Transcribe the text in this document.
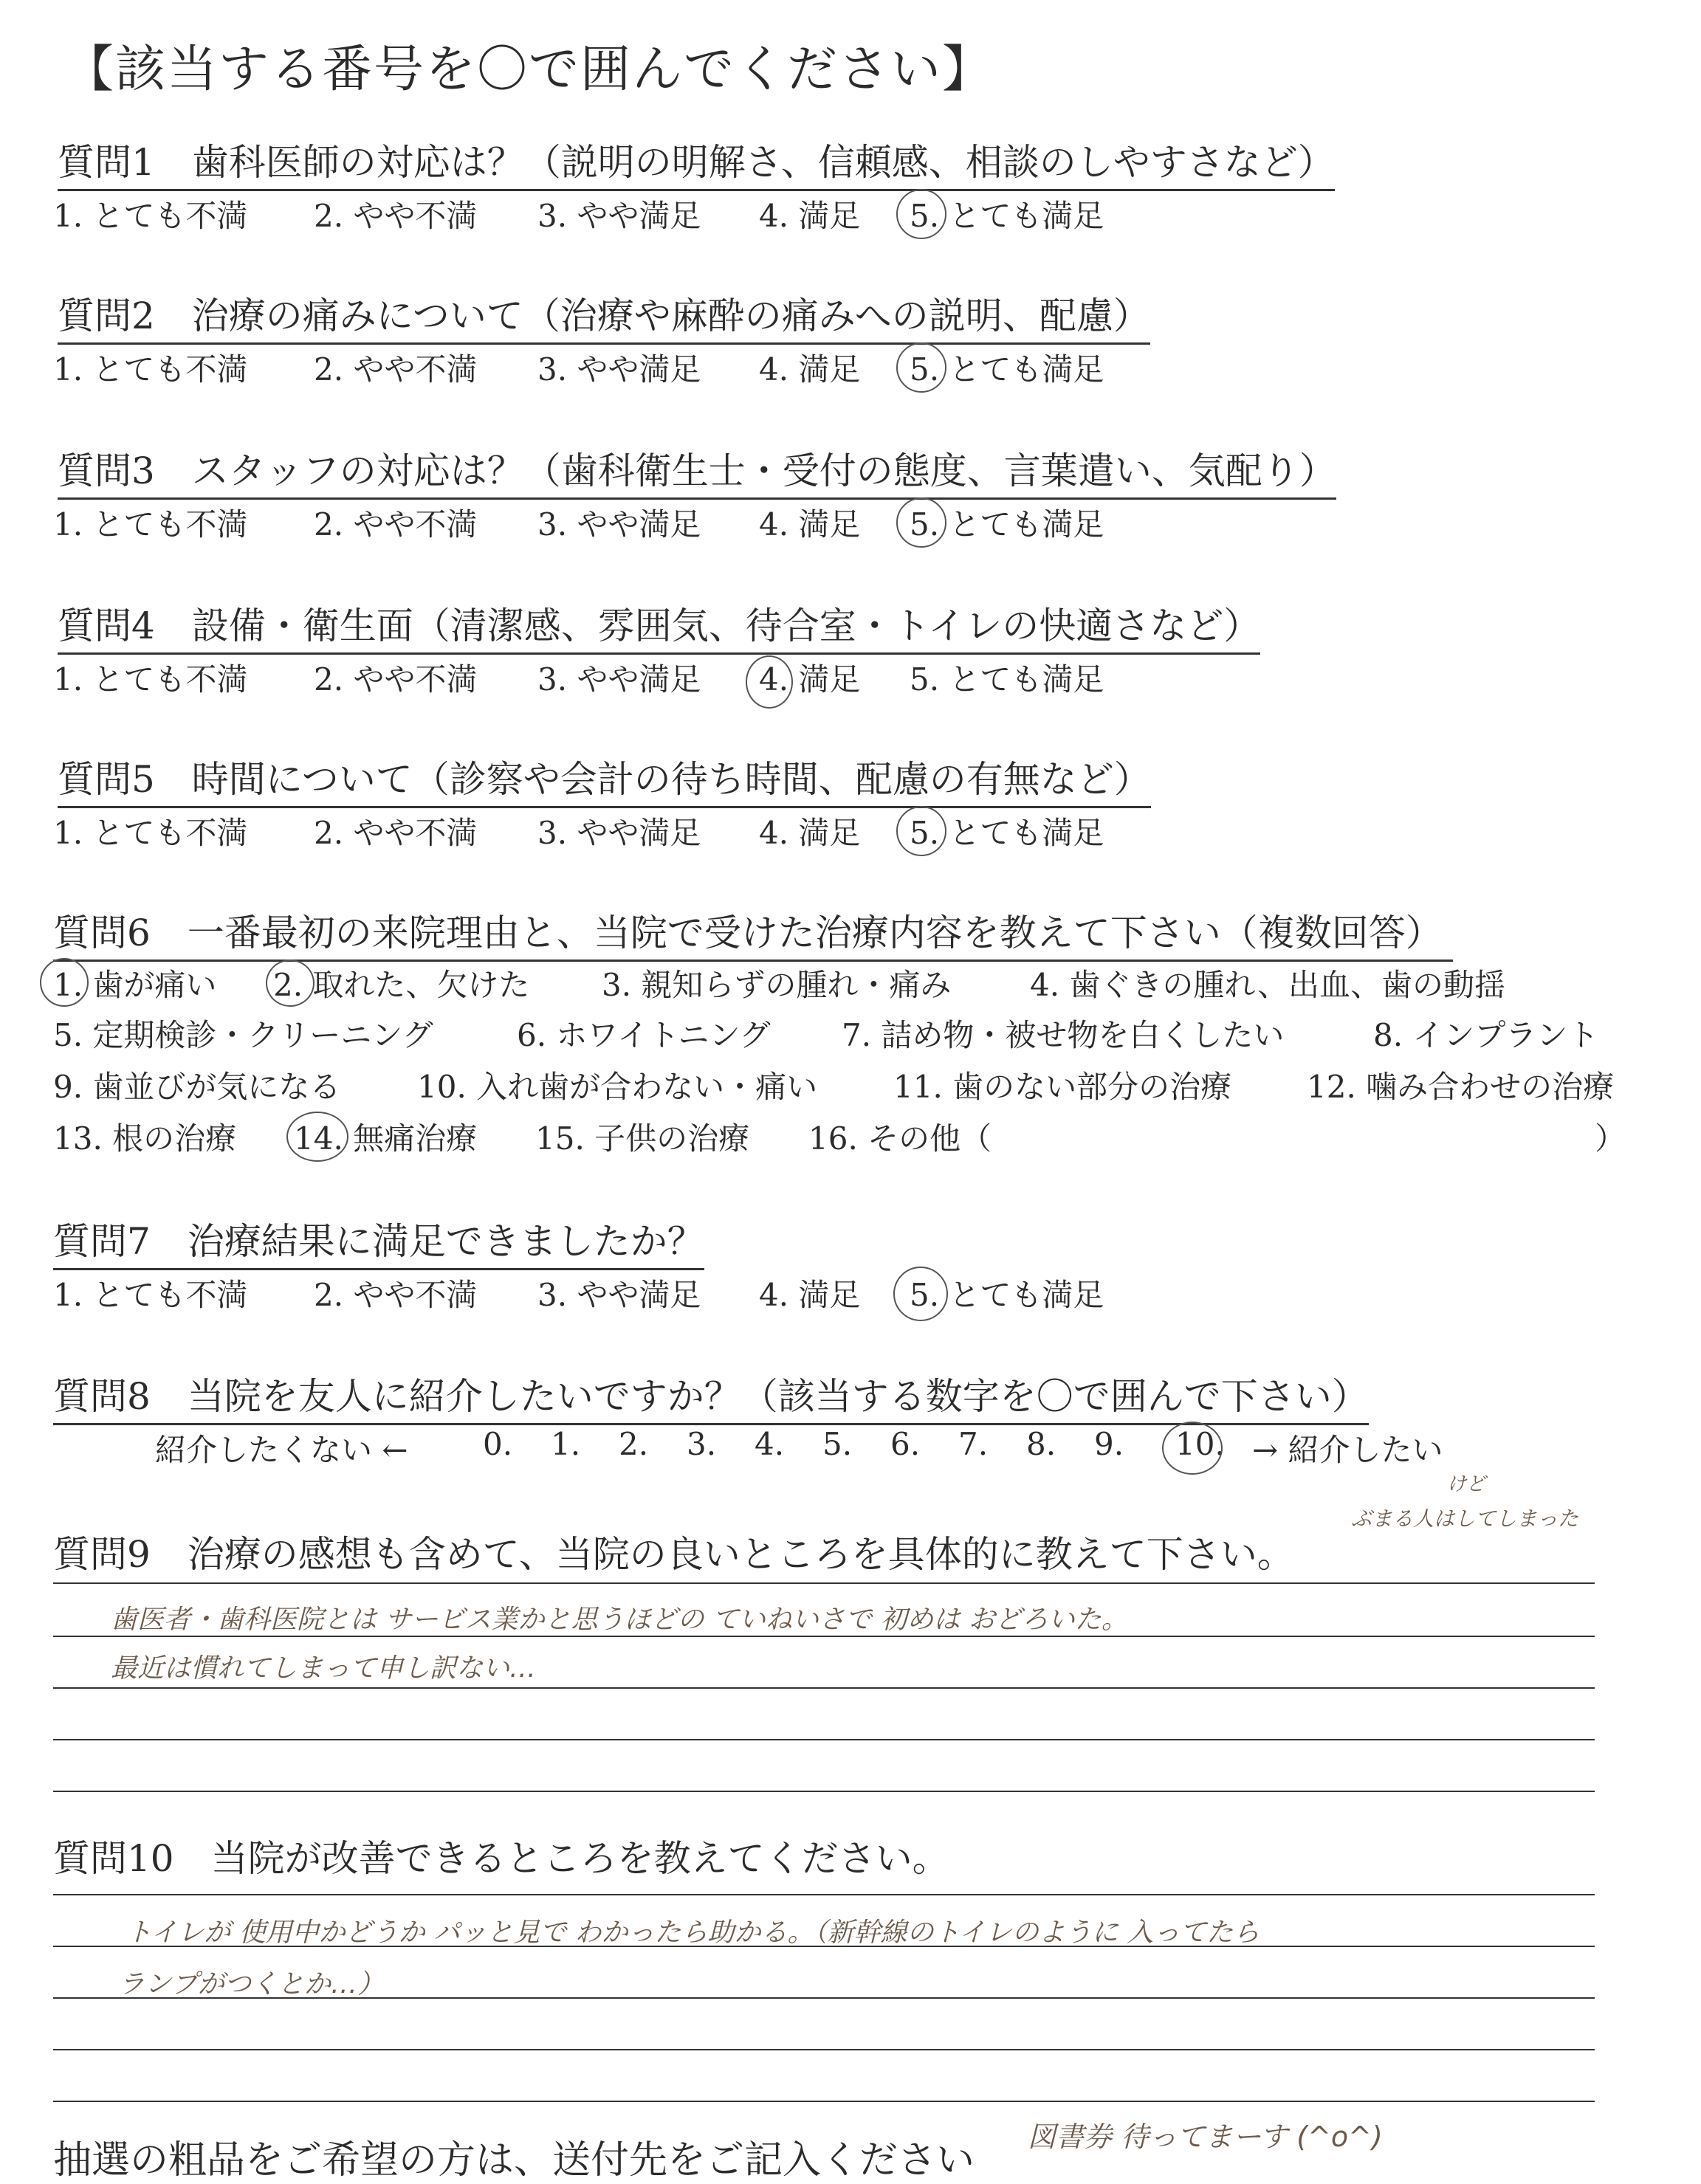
【該当する番号を〇で囲んでください】
質問1　歯科医師の対応は？（説明の明解さ、信頼感、相談のしやすさなど）
1. とても不満 2. やや不満 3. やや満足 4. 満足 5. とても満足
質問2　治療の痛みについて（治療や麻酔の痛みへの説明、配慮）
1. とても不満 2. やや不満 3. やや満足 4. 満足 5. とても満足
質問3　スタッフの対応は？（歯科衛生士・受付の態度、言葉遣い、気配り）
1. とても不満 2. やや不満 3. やや満足 4. 満足 5. とても満足
質問4　設備・衛生面（清潔感、雰囲気、待合室・トイレの快適さなど）
1. とても不満 2. やや不満 3. やや満足 4. 満足 5. とても満足
質問5　時間について（診察や会計の待ち時間、配慮の有無など）
1. とても不満 2. やや不満 3. やや満足 4. 満足 5. とても満足
質問6　一番最初の来院理由と、当院で受けた治療内容を教えて下さい（複数回答）
1. 歯が痛い 2. 取れた、欠けた 3. 親知らずの腫れ・痛み	4. 歯ぐきの腫れ、出血、歯の動揺
5. 定期検診・クリーニング	6. ホワイトニング 7. 詰め物・被せ物を白くしたい	8. インプラント
9. 歯並びが気になる 10. 入れ歯が合わない・痛い 11. 歯のない部分の治療 12. 噛み合わせの治療
13. 根の治療 14. 無痛治療 15. 子供の治療 16. その他（	）
質問7　治療結果に満足できましたか？
1. とても不満 2. やや不満 3. やや満足 4. 満足 5. とても満足
質問8　当院を友人に紹介したいですか？（該当する数字を〇で囲んで下さい）
紹介したくない ← 0. 1. 2. 3. 4. 5. 6. 7. 8. 9. 10. → 紹介したい
けど
ぶまる人はしてしまった
質問9　治療の感想も含めて、当院の良いところを具体的に教えて下さい。
歯医者・歯科医院とは サービス業かと思うほどの ていねいさで 初めは おどろいた。
最近は慣れてしまって申し訳ない…
質問10　当院が改善できるところを教えてください。
トイレが 使用中かどうか パッと見で わかったら助かる。（新幹線のトイレのように 入ってたら
ランプがつくとか…）
抽選の粗品をご希望の方は、送付先をご記入ください
図書券 待ってまーす (^o^)
